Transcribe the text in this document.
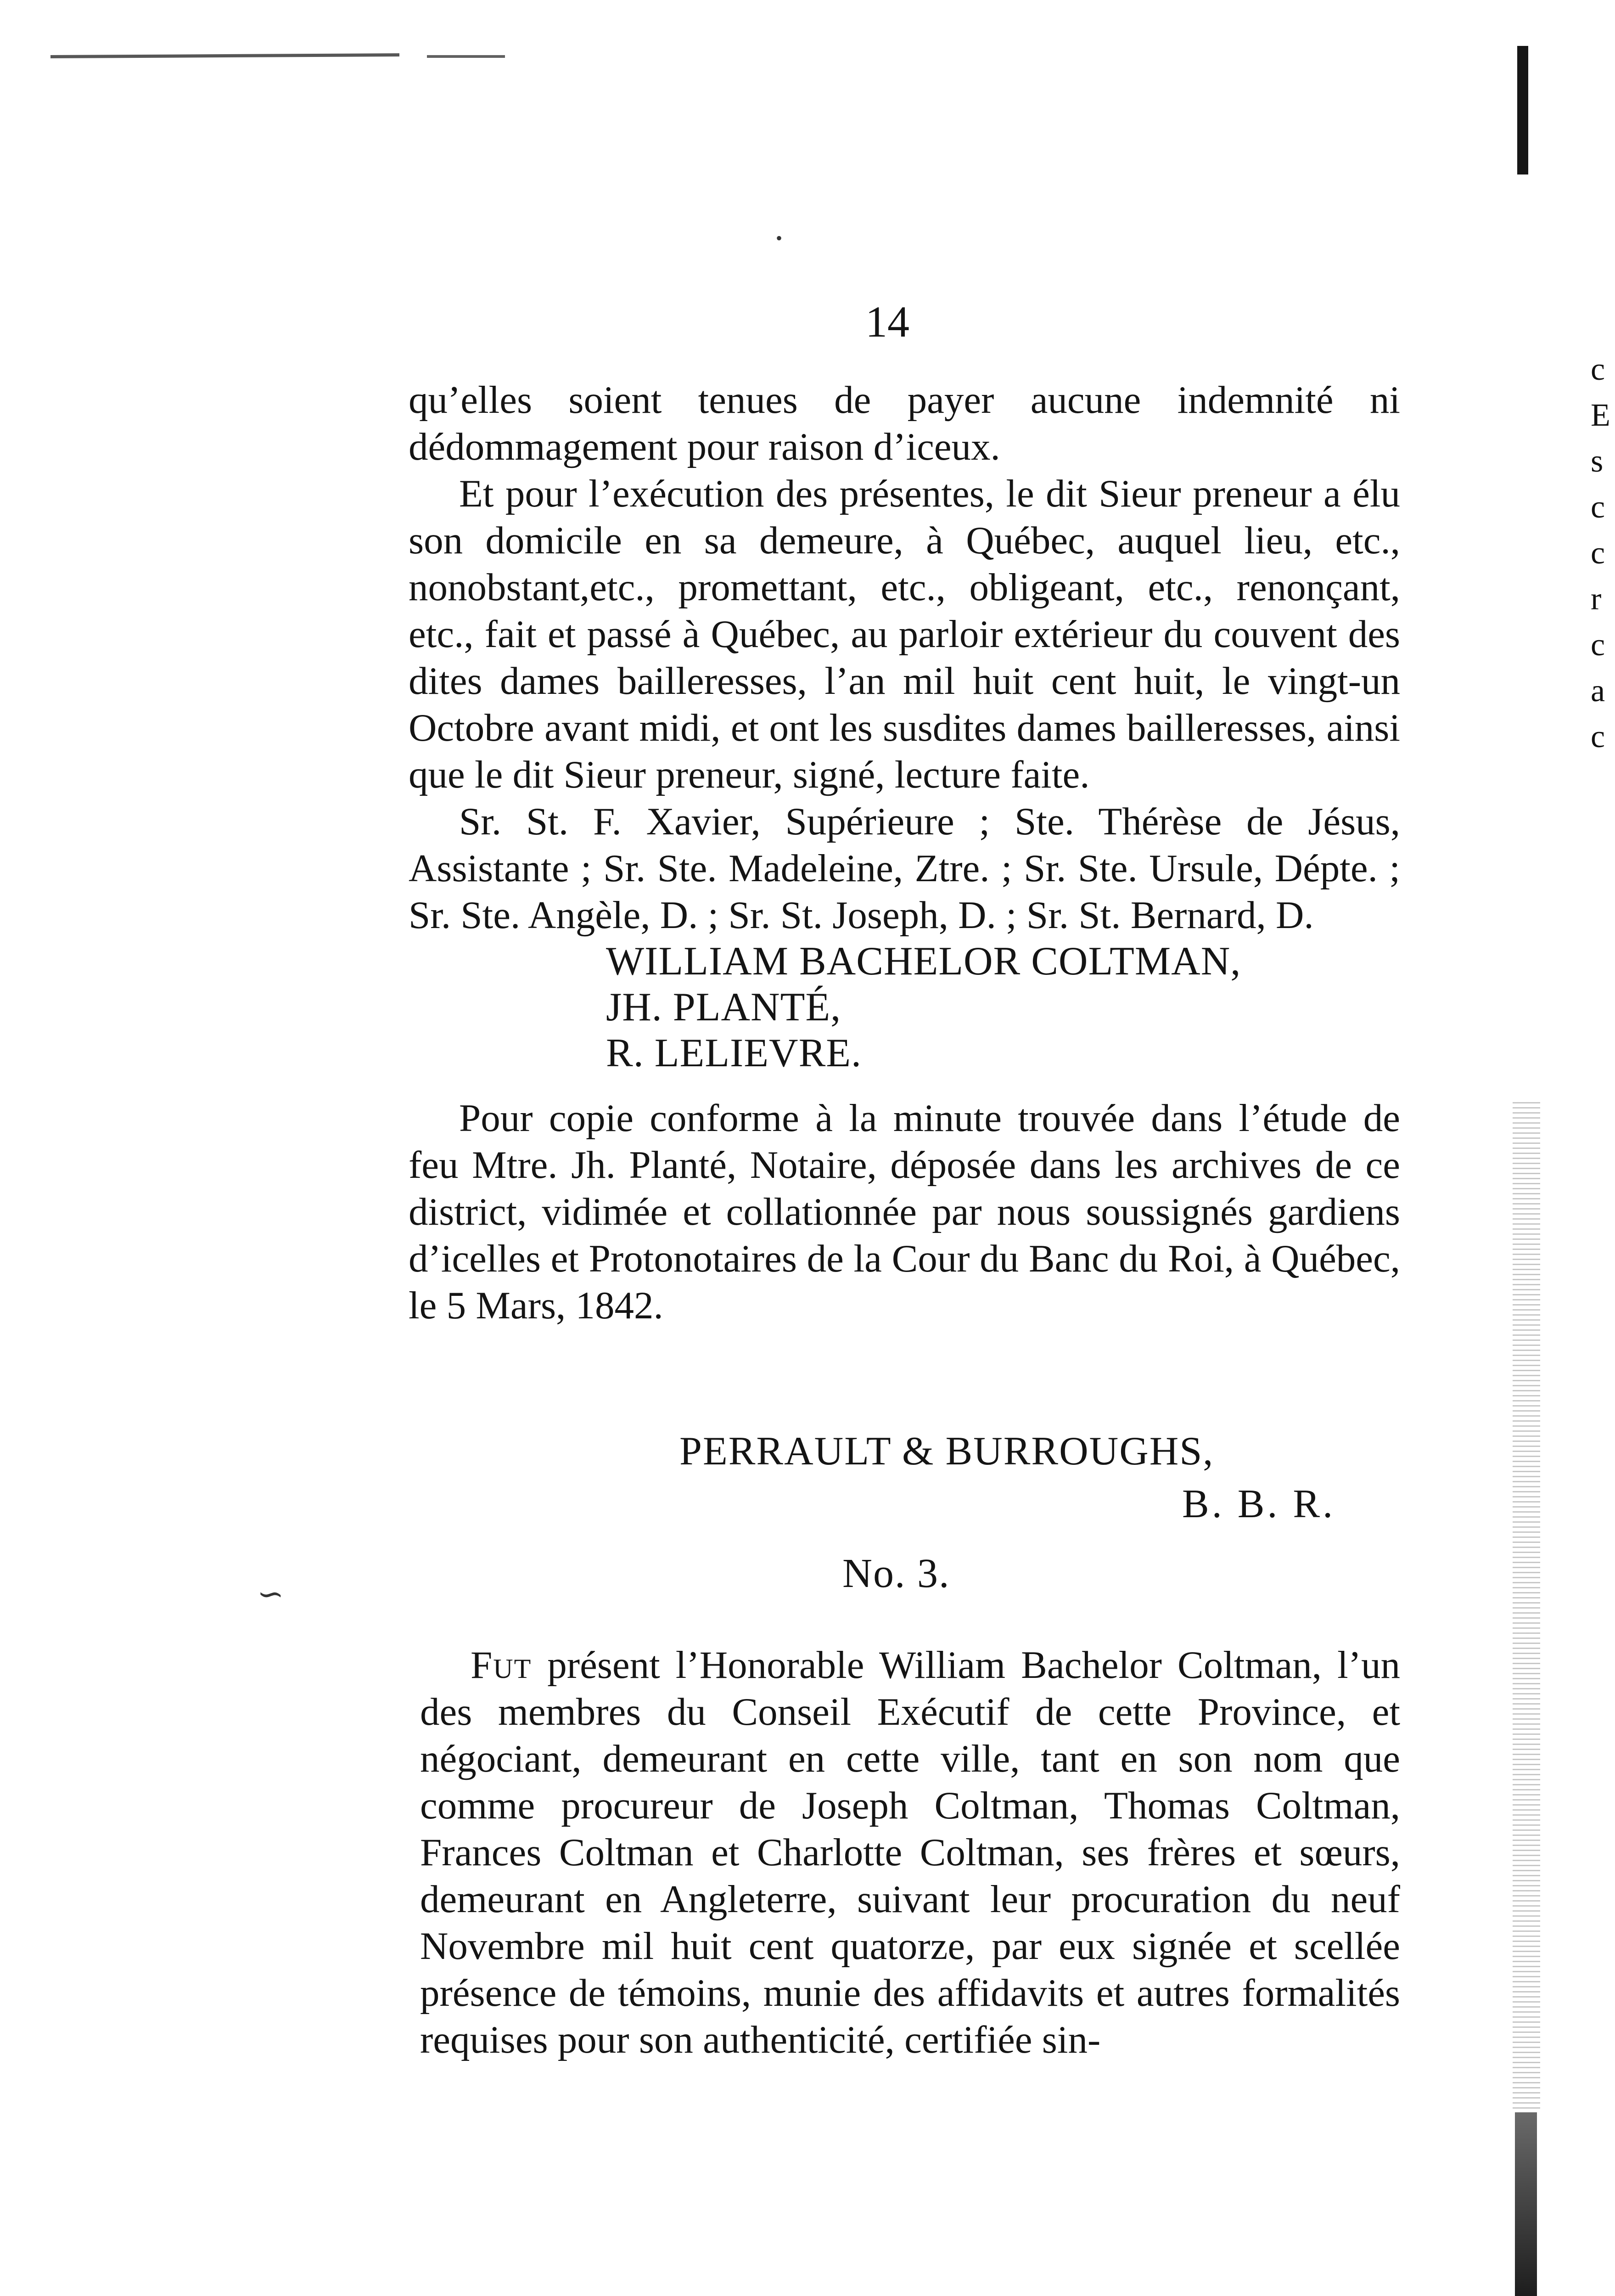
∽
•
c
E
s
c
c
r
c
a
c
14

qu’elles soient tenues de payer aucune indemnité ni dédommagement pour raison d’iceux.

Et pour l’exécution des présentes, le dit Sieur preneur a élu son domicile en sa demeure, à Québec, auquel lieu, etc., nonobstant,etc., promettant, etc., obligeant, etc., renonçant, etc., fait et passé à Québec, au parloir extérieur du couvent des dites dames bailleresses, l’an mil huit cent huit, le vingt-un Octobre avant midi, et ont les susdites dames bailleresses, ainsi que le dit Sieur preneur, signé, lecture faite.

Sr. St. F. Xavier, Supérieure ; Ste. Thérèse de Jésus, Assistante ; Sr. Ste. Madeleine, Ztre. ; Sr. Ste. Ursule, Dépte. ; Sr. Ste. Angèle, D. ; Sr. St. Joseph, D. ; Sr. St. Bernard, D.

WILLIAM BACHELOR COLTMAN,

JH. PLANTÉ,

R. LELIEVRE.

Pour copie conforme à la minute trouvée dans l’étude de feu Mtre. Jh. Planté, Notaire, déposée dans les archives de ce district, vidimée et collationnée par nous soussignés gardiens d’icelles et Protonotaires de la Cour du Banc du Roi, à Québec, le 5 Mars, 1842.

PERRAULT & BURROUGHS,
B. B. R.
No. 3.

Fut présent l’Honorable William Bachelor Coltman, l’un des membres du Conseil Exécutif de cette Province, et négociant, demeurant en cette ville, tant en son nom que comme procureur de Joseph Coltman, Thomas Coltman, Frances Coltman et Charlotte Coltman, ses frères et sœurs, demeurant en Angleterre, suivant leur procuration du neuf Novembre mil huit cent quatorze, par eux signée et scellée présence de témoins, munie des affidavits et autres formalités requises pour son authenticité, certifiée sin-
